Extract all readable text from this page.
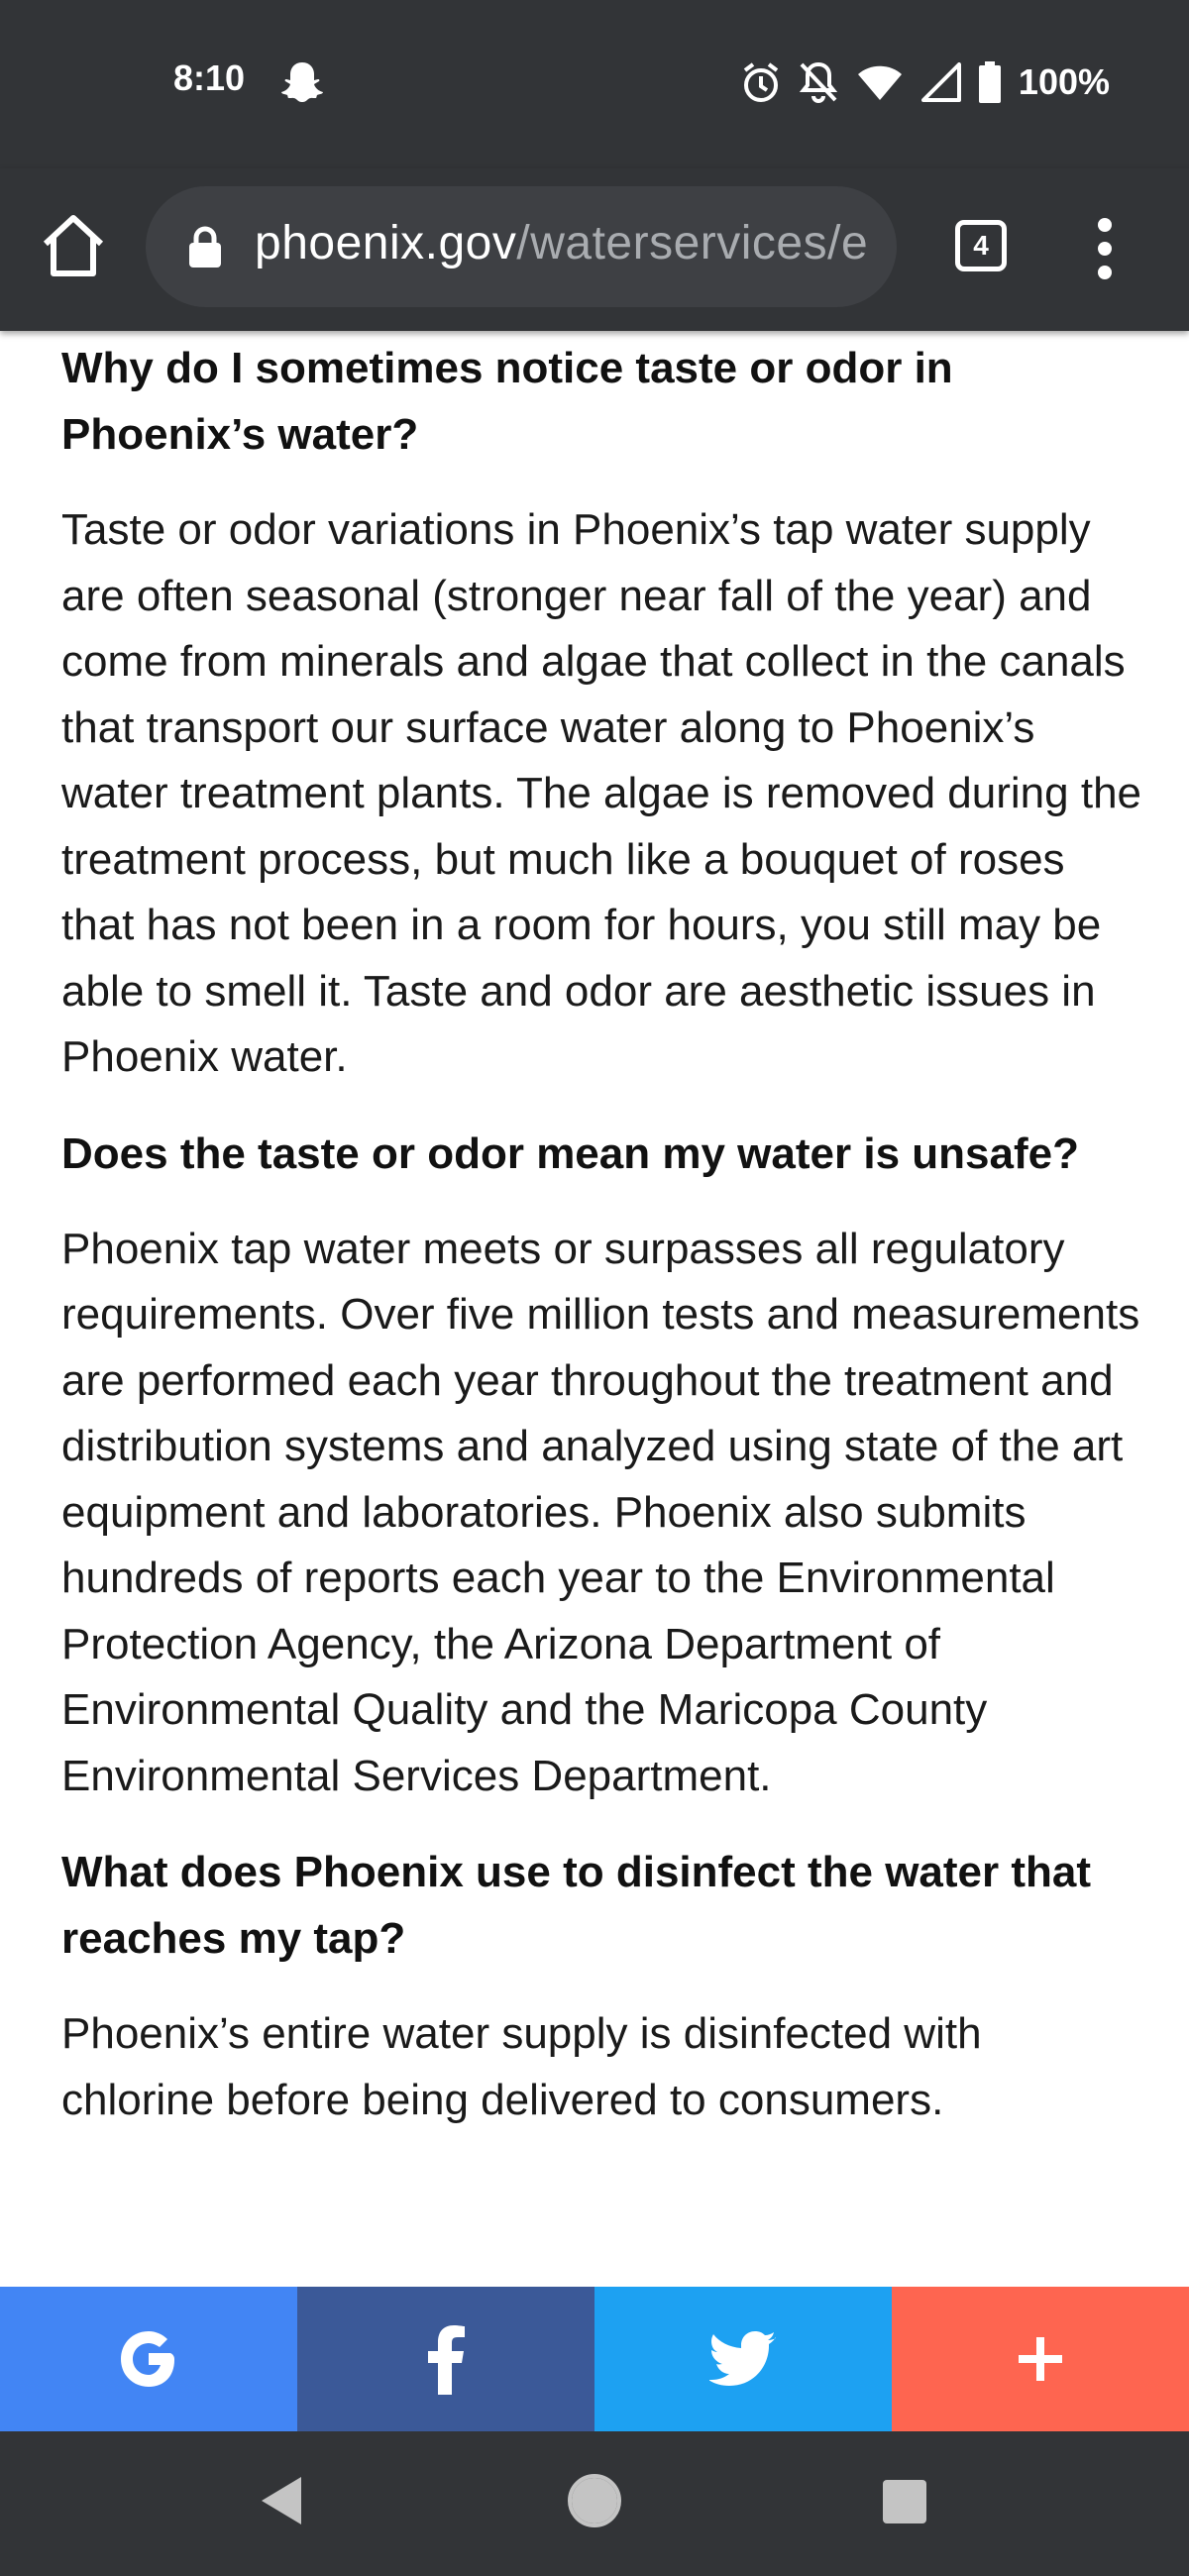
8:10	100%
phoenix.gov/waterservices/e	4
Why do I sometimes notice taste or odor in Phoenix’s water?

Taste or odor variations in Phoenix’s tap water supply are often seasonal (stronger near fall of the year) and come from minerals and algae that collect in the canals that transport our surface water along to Phoenix’s water treatment plants. The algae is removed during the treatment process, but much like a bouquet of roses that has not been in a room for hours, you still may be able to smell it. Taste and odor are aesthetic issues in Phoenix water.

Does the taste or odor mean my water is unsafe?

Phoenix tap water meets or surpasses all regulatory requirements. Over five million tests and measurements are performed each year throughout the treatment and distribution systems and analyzed using state of the art equipment and laboratories. Phoenix also submits hundreds of reports each year to the Environmental Protection Agency, the Arizona Department of Environmental Quality and the Maricopa County Environmental Services Department.

What does Phoenix use to disinfect the water that reaches my tap?

Phoenix’s entire water supply is disinfected with chlorine before being delivered to consumers.
